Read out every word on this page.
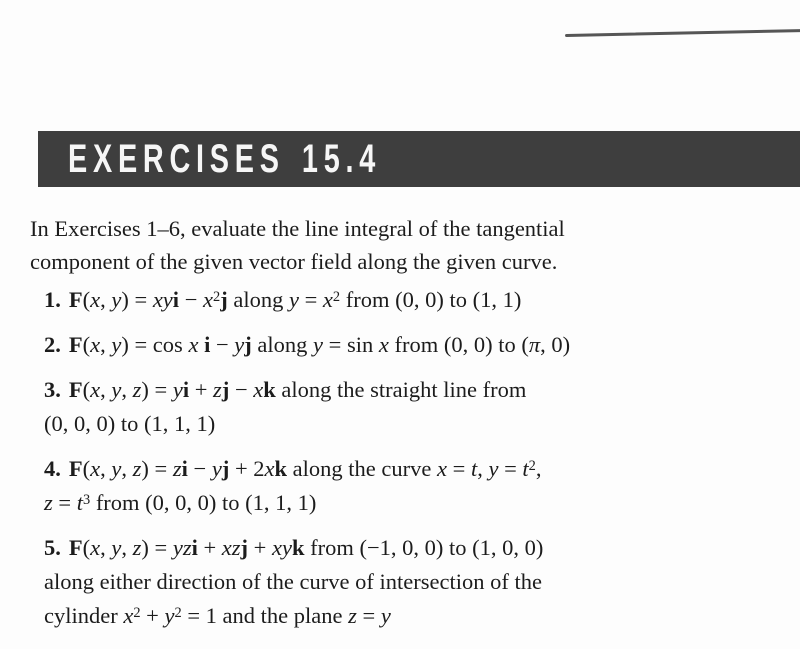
EXERCISES 15.4
In Exercises 1–6, evaluate the line integral of the tangential
component of the given vector field along the given curve.
1. F(x, y) = xyi − $x^2j$ along $y = x^2$ from (0, 0) to (1, 1)
2. F(x, y) = cos x i − yj along y = sin x from (0, 0) to (π, 0)
3. F(x, y, z) = yi + zj − xk along the straight line from
(0, 0, 0) to (1, 1, 1)
4. F(x, y, z) = zi − yj + 2xk along the curve x = t, $y = t^2$,
$z = t^3$ from (0, 0, 0) to (1, 1, 1)
5. F(x, y, z) = yzi + xzj + xyk from (−1, 0, 0) to (1, 0, 0)
along either direction of the curve of intersection of the
cylinder $x^2 + y^2 = 1$ and the plane z = y
